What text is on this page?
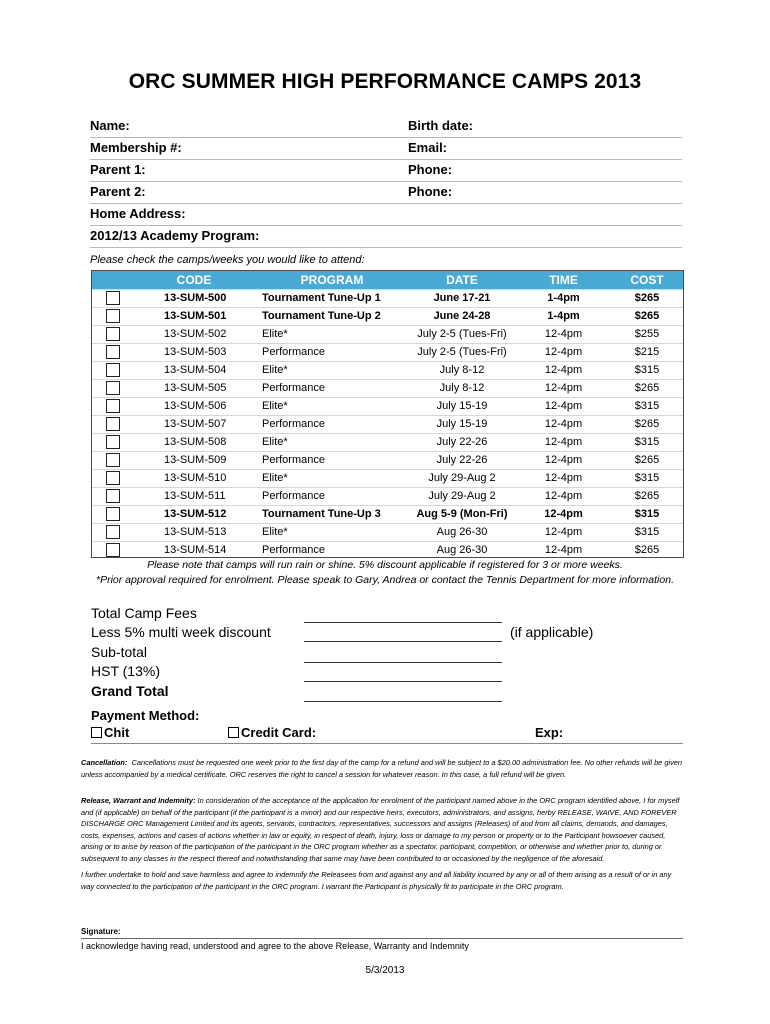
ORC SUMMER HIGH PERFORMANCE CAMPS 2013
Name:	Birth date:
Membership #:	Email:
Parent 1:	Phone:
Parent 2:	Phone:
Home Address:
2012/13 Academy Program:
Please check the camps/weeks you would like to attend:
CODE	PROGRAM	DATE	TIME	COST
13-SUM-500	Tournament Tune-Up 1	June 17-21	1-4pm	$265
13-SUM-501	Tournament Tune-Up 2	June 24-28	1-4pm	$265
13-SUM-502	Elite*	July 2-5 (Tues-Fri)	12-4pm	$255
13-SUM-503	Performance	July 2-5 (Tues-Fri)	12-4pm	$215
13-SUM-504	Elite*	July 8-12	12-4pm	$315
13-SUM-505	Performance	July 8-12	12-4pm	$265
13-SUM-506	Elite*	July 15-19	12-4pm	$315
13-SUM-507	Performance	July 15-19	12-4pm	$265
13-SUM-508	Elite*	July 22-26	12-4pm	$315
13-SUM-509	Performance	July 22-26	12-4pm	$265
13-SUM-510	Elite*	July 29-Aug 2	12-4pm	$315
13-SUM-511	Performance	July 29-Aug 2	12-4pm	$265
13-SUM-512	Tournament Tune-Up 3	Aug 5-9 (Mon-Fri)	12-4pm	$315
13-SUM-513	Elite*	Aug 26-30	12-4pm	$315
13-SUM-514	Performance	Aug 26-30	12-4pm	$265
Please note that camps will run rain or shine. 5% discount applicable if registered for 3 or more weeks.
*Prior approval required for enrolment. Please speak to Gary, Andrea or contact the Tennis Department for more information.
Total Camp Fees
Less 5% multi week discount	(if applicable)
Sub-total
HST (13%)
Grand Total
Payment Method:
Chit	Credit Card:	Exp:
Cancellation: Cancellations must be requested one week prior to the first day of the camp for a refund and will be subject to a $20.00 administration fee. No other refunds will be given unless accompanied by a medical certificate. ORC reserves the right to cancel a session for whatever reason. In this case, a full refund will be given.
Release, Warrant and Indemnity: In consideration of the acceptance of the application for enrolment of the participant named above in the ORC program identified above, I for myself and (if applicable) on behalf of the participant (if the participant is a minor) and our respective heirs, executors, administrators, and assigns, herby RELEASE, WAIVE, AND FOREVER DISCHARGE ORC Management Limited and its agents, servants, contractors, representatives, successors and assigns (Releases) of and from all claims, demands, and damages, costs, expenses, actions and cases of actions whether in law or equity, in respect of death, injury, loss or damage to my person or property or to the Participant howsoever caused, arising or to arise by reason of the participation of the participant in the ORC program whether as a spectator, participant, competition, or otherwise and whether prior to, during or subsequent to any classes in the respect thereof and notwithstanding that same may have been contributed to or occasioned by the negligence of the aforesaid.
I further undertake to hold and save harmless and agree to indemnify the Releasees from and against any and all liability incurred by any or all of them arising as a result of or in any way connected to the participation of the participant in the ORC program. I warrant the Participant is physically fit to participate in the ORC program.
Signature:
I acknowledge having read, understood and agree to the above Release, Warranty and Indemnity
5/3/2013
